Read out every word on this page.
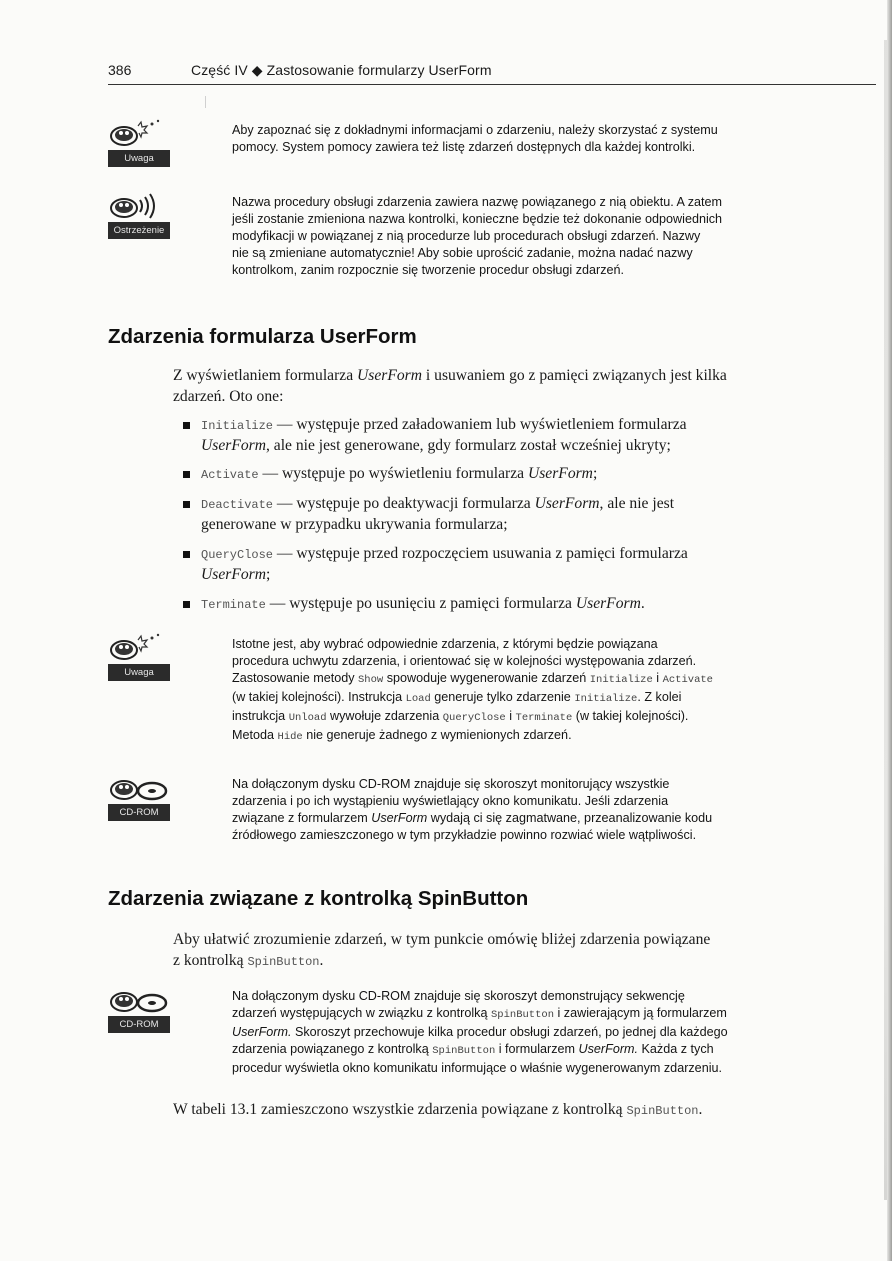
386	Część IV ◆ Zastosowanie formularzy UserForm
Uwaga
Aby zapoznać się z dokładnymi informacjami o zdarzeniu, należy skorzystać z systemu
pomocy. System pomocy zawiera też listę zdarzeń dostępnych dla każdej kontrolki.
Ostrzeżenie
Nazwa procedury obsługi zdarzenia zawiera nazwę powiązanego z nią obiektu. A zatem
jeśli zostanie zmieniona nazwa kontrolki, konieczne będzie też dokonanie odpowiednich
modyfikacji w powiązanej z nią procedurze lub procedurach obsługi zdarzeń. Nazwy
nie są zmieniane automatycznie! Aby sobie uprościć zadanie, można nadać nazwy
kontrolkom, zanim rozpocznie się tworzenie procedur obsługi zdarzeń.
Zdarzenia formularza UserForm
Z wyświetlaniem formularza UserForm i usuwaniem go z pamięci związanych jest kilka
zdarzeń. Oto one:
Initialize — występuje przed załadowaniem lub wyświetleniem formularza
UserForm, ale nie jest generowane, gdy formularz został wcześniej ukryty;
Activate — występuje po wyświetleniu formularza UserForm;
Deactivate — występuje po deaktywacji formularza UserForm, ale nie jest
generowane w przypadku ukrywania formularza;
QueryClose — występuje przed rozpoczęciem usuwania z pamięci formularza
UserForm;
Terminate — występuje po usunięciu z pamięci formularza UserForm.
Uwaga
Istotne jest, aby wybrać odpowiednie zdarzenia, z którymi będzie powiązana
procedura uchwytu zdarzenia, i orientować się w kolejności występowania zdarzeń.
Zastosowanie metody Show spowoduje wygenerowanie zdarzeń Initialize i Activate
(w takiej kolejności). Instrukcja Load generuje tylko zdarzenie Initialize. Z kolei
instrukcja Unload wywołuje zdarzenia QueryClose i Terminate (w takiej kolejności).
Metoda Hide nie generuje żadnego z wymienionych zdarzeń.
CD-ROM
Na dołączonym dysku CD-ROM znajduje się skoroszyt monitorujący wszystkie
zdarzenia i po ich wystąpieniu wyświetlający okno komunikatu. Jeśli zdarzenia
związane z formularzem UserForm wydają ci się zagmatwane, przeanalizowanie kodu
źródłowego zamieszczonego w tym przykładzie powinno rozwiać wiele wątpliwości.
Zdarzenia związane z kontrolką SpinButton
Aby ułatwić zrozumienie zdarzeń, w tym punkcie omówię bliżej zdarzenia powiązane
z kontrolką SpinButton.
CD-ROM
Na dołączonym dysku CD-ROM znajduje się skoroszyt demonstrujący sekwencję
zdarzeń występujących w związku z kontrolką SpinButton i zawierającym ją formularzem
UserForm. Skoroszyt przechowuje kilka procedur obsługi zdarzeń, po jednej dla każdego
zdarzenia powiązanego z kontrolką SpinButton i formularzem UserForm. Każda z tych
procedur wyświetla okno komunikatu informujące o właśnie wygenerowanym zdarzeniu.
W tabeli 13.1 zamieszczono wszystkie zdarzenia powiązane z kontrolką SpinButton.
